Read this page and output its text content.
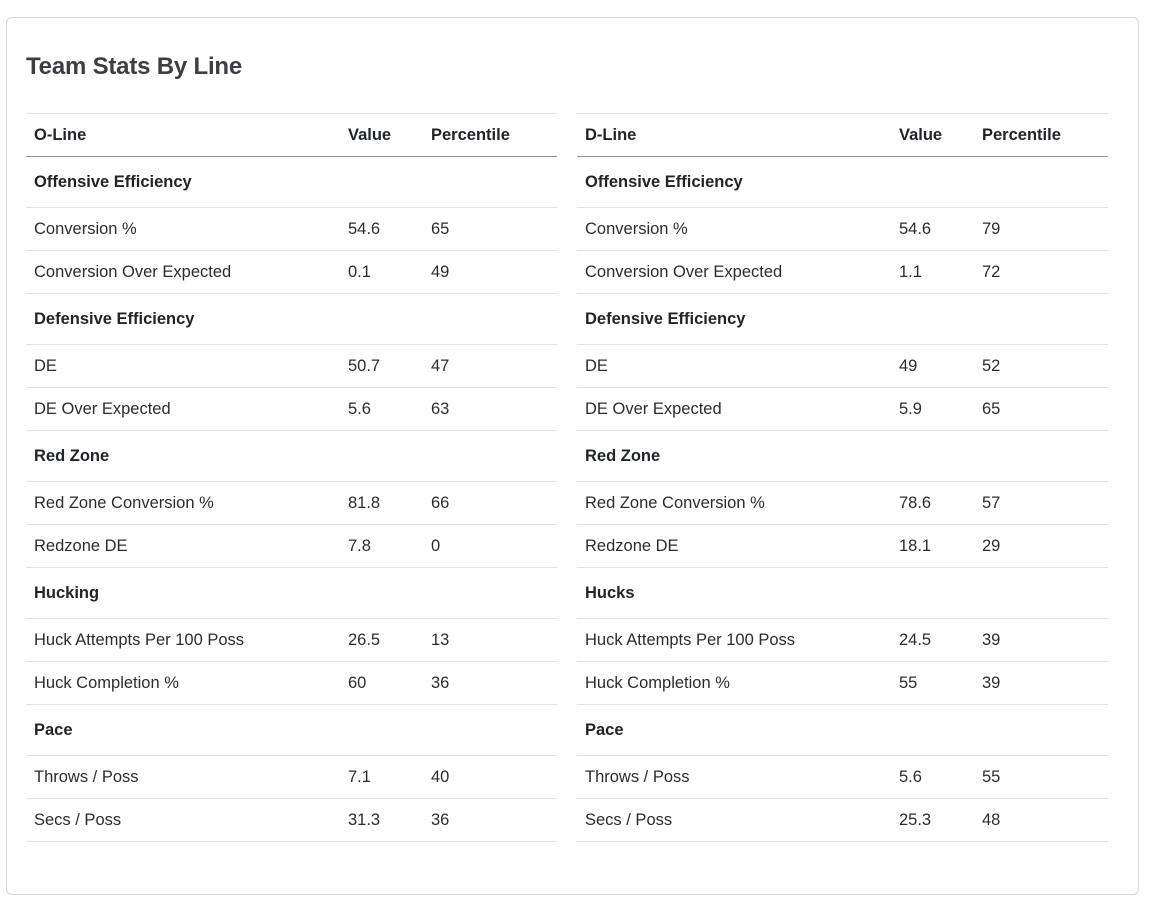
Team Stats By Line
O-Line	Value	Percentile
Offensive Efficiency		
Conversion %	54.6	65
Conversion Over Expected	0.1	49
Defensive Efficiency		
DE	50.7	47
DE Over Expected	5.6	63
Red Zone		
Red Zone Conversion %	81.8	66
Redzone DE	7.8	0
Hucking		
Huck Attempts Per 100 Poss	26.5	13
Huck Completion %	60	36
Pace		
Throws / Poss	7.1	40
Secs / Poss	31.3	36
D-Line	Value	Percentile
Offensive Efficiency		
Conversion %	54.6	79
Conversion Over Expected	1.1	72
Defensive Efficiency		
DE	49	52
DE Over Expected	5.9	65
Red Zone		
Red Zone Conversion %	78.6	57
Redzone DE	18.1	29
Hucks		
Huck Attempts Per 100 Poss	24.5	39
Huck Completion %	55	39
Pace		
Throws / Poss	5.6	55
Secs / Poss	25.3	48
